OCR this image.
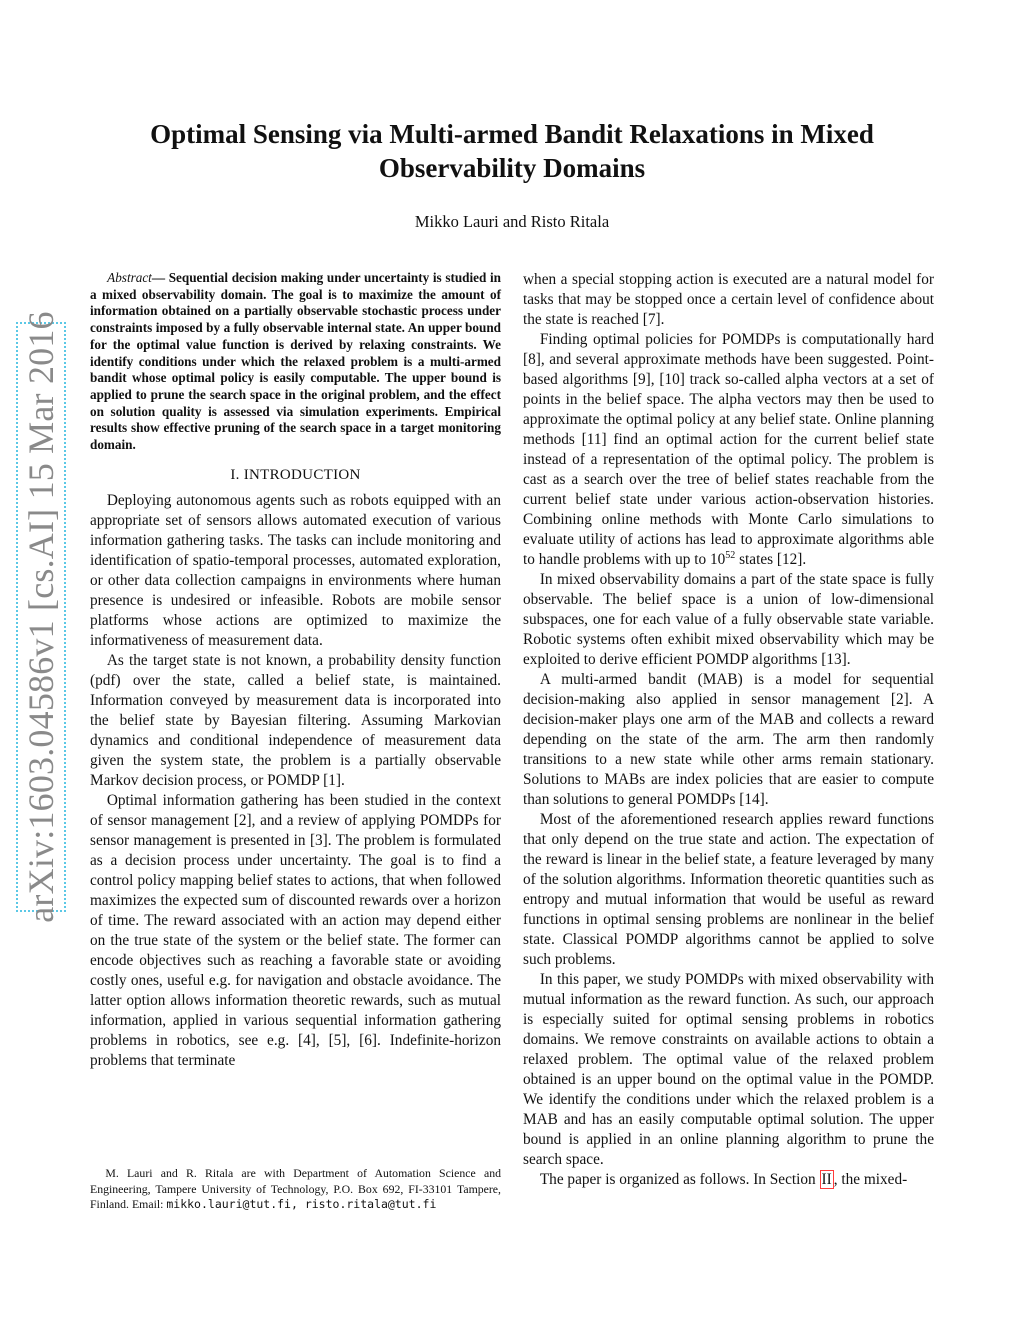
arXiv:1603.04586v1 [cs.AI] 15 Mar 2016
Optimal Sensing via Multi-armed Bandit Relaxations in Mixed
Observability Domains
Mikko Lauri and Risto Ritala

Abstract— Sequential decision making under uncertainty is studied in a mixed observability domain. The goal is to maximize the amount of information obtained on a partially observable stochastic process under constraints imposed by a fully observable internal state. An upper bound for the optimal value function is derived by relaxing constraints. We identify conditions under which the relaxed problem is a multi-armed bandit whose optimal policy is easily computable. The upper bound is applied to prune the search space in the original problem, and the effect on solution quality is assessed via simulation experiments. Empirical results show effective pruning of the search space in a target monitoring domain.

I. INTRODUCTION

Deploying autonomous agents such as robots equipped with an appropriate set of sensors allows automated execution of various information gathering tasks. The tasks can include monitoring and identification of spatio-temporal processes, automated exploration, or other data collection campaigns in environments where human presence is undesired or infeasible. Robots are mobile sensor platforms whose actions are optimized to maximize the informativeness of measurement data.

As the target state is not known, a probability density function (pdf) over the state, called a belief state, is maintained. Information conveyed by measurement data is incorporated into the belief state by Bayesian filtering. Assuming Markovian dynamics and conditional independence of measurement data given the system state, the problem is a partially observable Markov decision process, or POMDP [1].

Optimal information gathering has been studied in the context of sensor management [2], and a review of applying POMDPs for sensor management is presented in [3]. The problem is formulated as a decision process under uncertainty. The goal is to find a control policy mapping belief states to actions, that when followed maximizes the expected sum of discounted rewards over a horizon of time. The reward associated with an action may depend either on the true state of the system or the belief state. The former can encode objectives such as reaching a favorable state or avoiding costly ones, useful e.g. for navigation and obstacle avoidance. The latter option allows information theoretic rewards, such as mutual information, applied in various sequential information gathering problems in robotics, see e.g. [4], [5], [6]. Indefinite-horizon problems that terminate

M. Lauri and R. Ritala are with Department of Automation Science and Engineering, Tampere University of Technology, P.O. Box 692, FI-33101 Tampere, Finland. Email: mikko.lauri@tut.fi, risto.ritala@tut.fi

when a special stopping action is executed are a natural model for tasks that may be stopped once a certain level of confidence about the state is reached [7].

Finding optimal policies for POMDPs is computationally hard [8], and several approximate methods have been suggested. Point-based algorithms [9], [10] track so-called alpha vectors at a set of points in the belief space. The alpha vectors may then be used to approximate the optimal policy at any belief state. Online planning methods [11] find an optimal action for the current belief state instead of a representation of the optimal policy. The problem is cast as a search over the tree of belief states reachable from the current belief state under various action-observation histories. Combining online methods with Monte Carlo simulations to evaluate utility of actions has lead to approximate algorithms able to handle problems with up to $10^{52}$ states [12].

In mixed observability domains a part of the state space is fully observable. The belief space is a union of low-dimensional subspaces, one for each value of a fully observable state variable. Robotic systems often exhibit mixed observability which may be exploited to derive efficient POMDP algorithms [13].

A multi-armed bandit (MAB) is a model for sequential decision-making also applied in sensor management [2]. A decision-maker plays one arm of the MAB and collects a reward depending on the state of the arm. The arm then randomly transitions to a new state while other arms remain stationary. Solutions to MABs are index policies that are easier to compute than solutions to general POMDPs [14].

Most of the aforementioned research applies reward functions that only depend on the true state and action. The expectation of the reward is linear in the belief state, a feature leveraged by many of the solution algorithms. Information theoretic quantities such as entropy and mutual information that would be useful as reward functions in optimal sensing problems are nonlinear in the belief state. Classical POMDP algorithms cannot be applied to solve such problems.

In this paper, we study POMDPs with mixed observability with mutual information as the reward function. As such, our approach is especially suited for optimal sensing problems in robotics domains. We remove constraints on available actions to obtain a relaxed problem. The optimal value of the relaxed problem obtained is an upper bound on the optimal value in the POMDP. We identify the conditions under which the relaxed problem is a MAB and has an easily computable optimal solution. The upper bound is applied in an online planning algorithm to prune the search space.

The paper is organized as follows. In Section II , the mixed-
